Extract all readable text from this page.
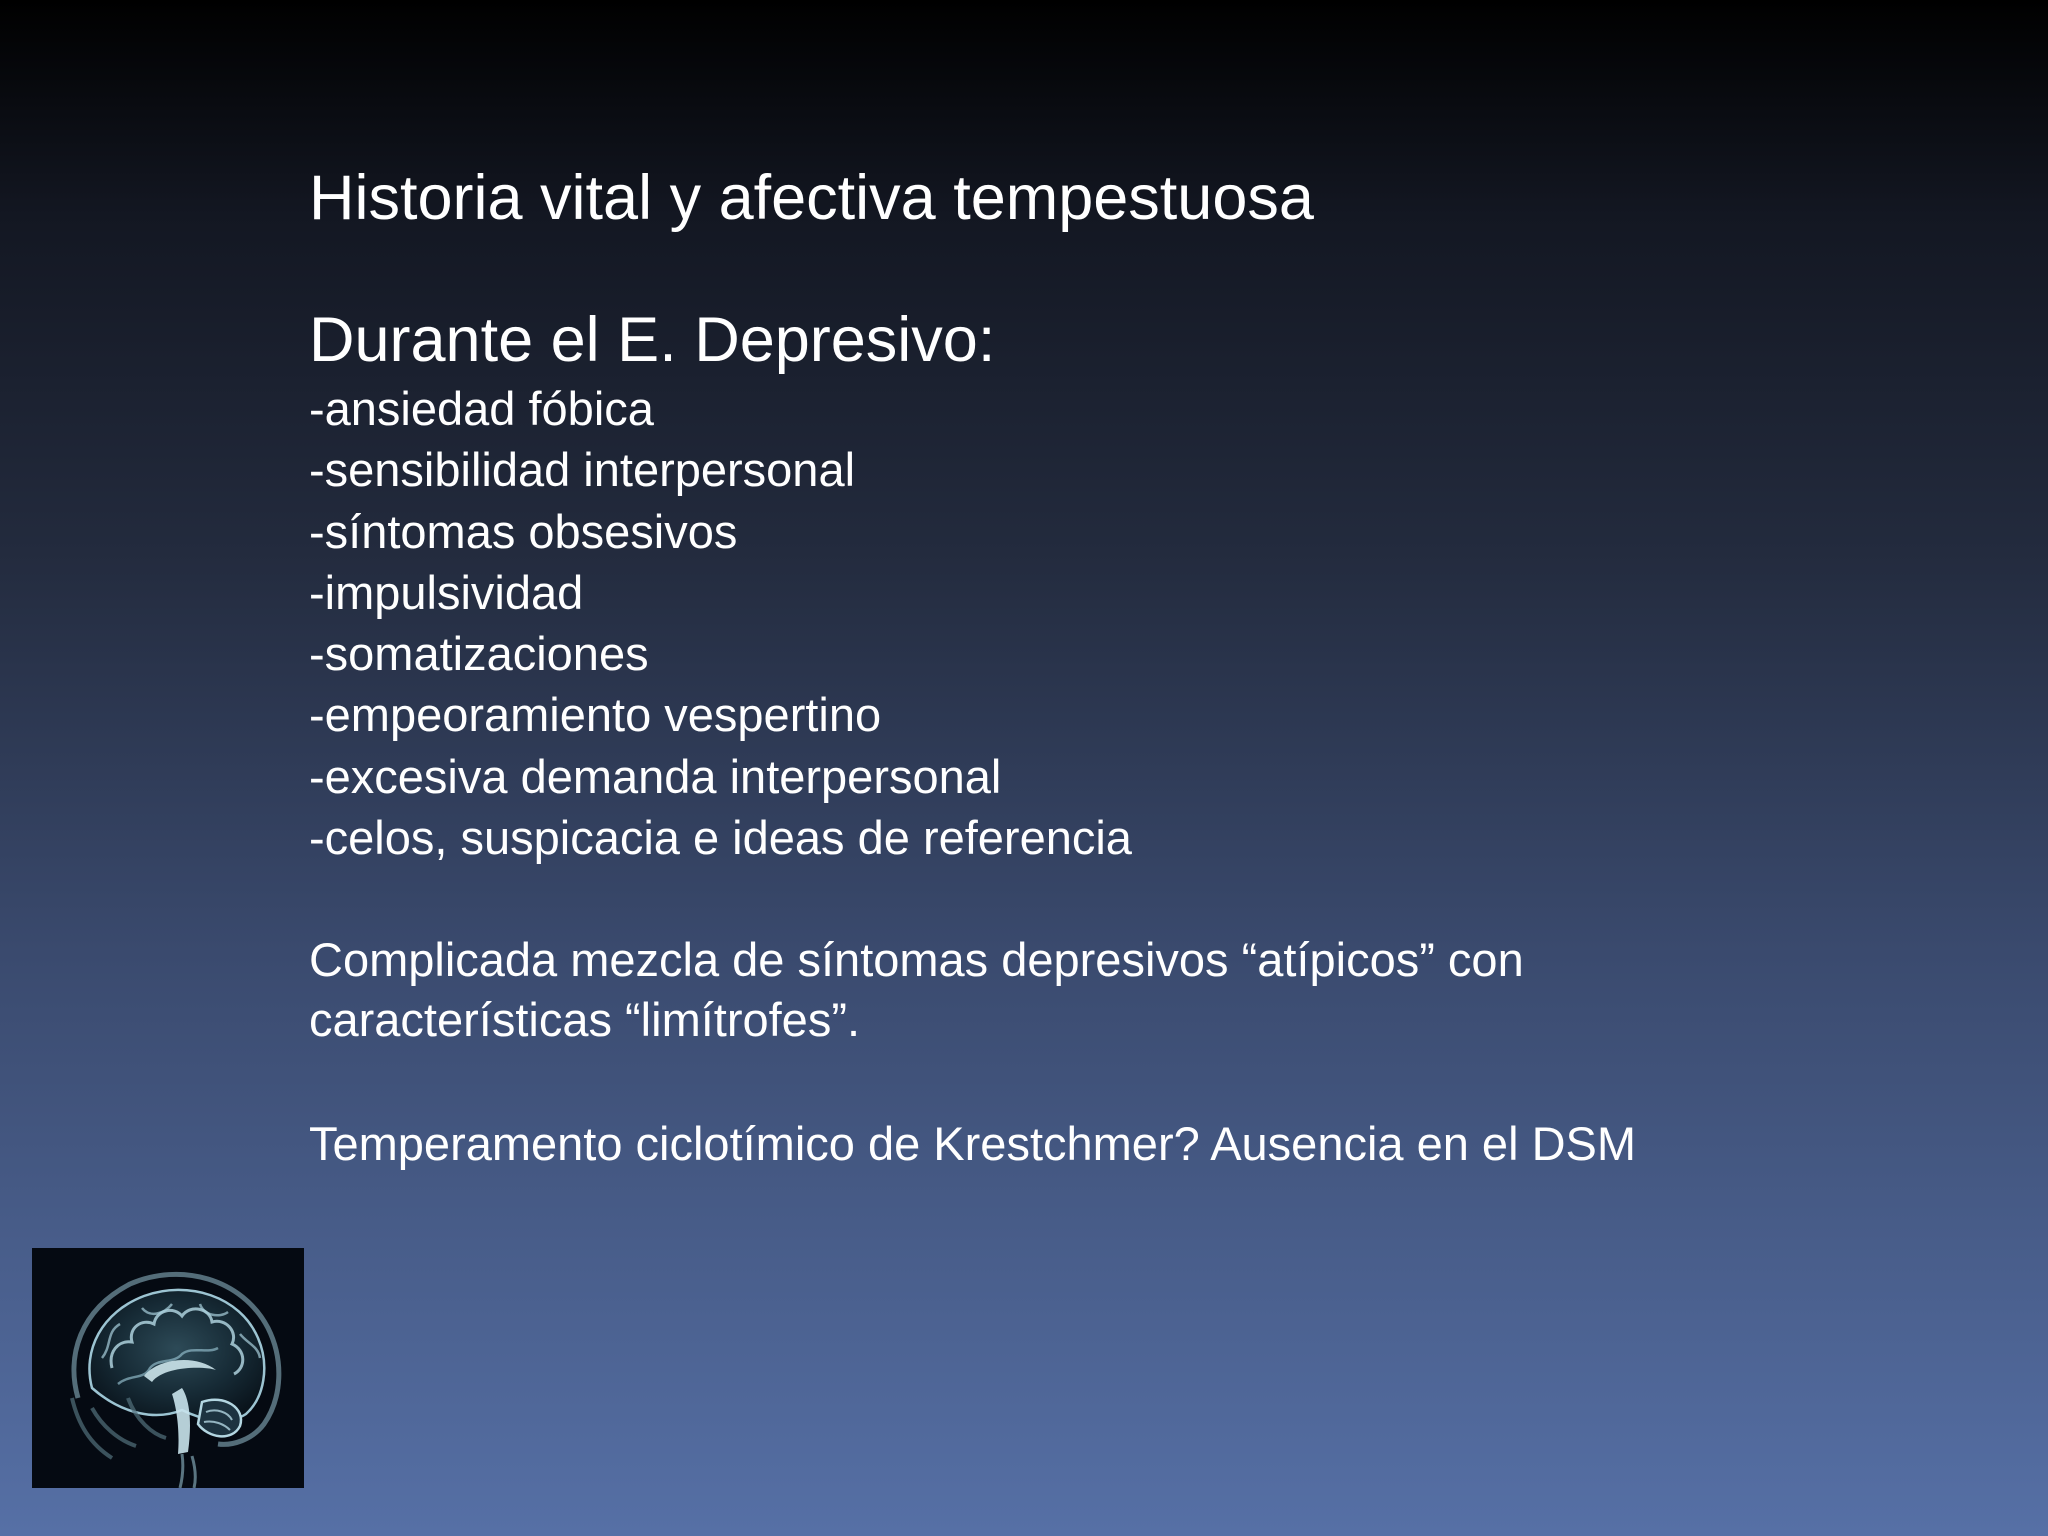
Historia vital y afectiva tempestuosa
Durante el E. Depresivo:
-ansiedad fóbica
-sensibilidad interpersonal
-síntomas obsesivos
-impulsividad
-somatizaciones
-empeoramiento vespertino
-excesiva demanda interpersonal
-celos, suspicacia e ideas de referencia
Complicada mezcla de síntomas depresivos “atípicos” con
características “limítrofes”.
Temperamento ciclotímico de Krestchmer? Ausencia en el DSM
